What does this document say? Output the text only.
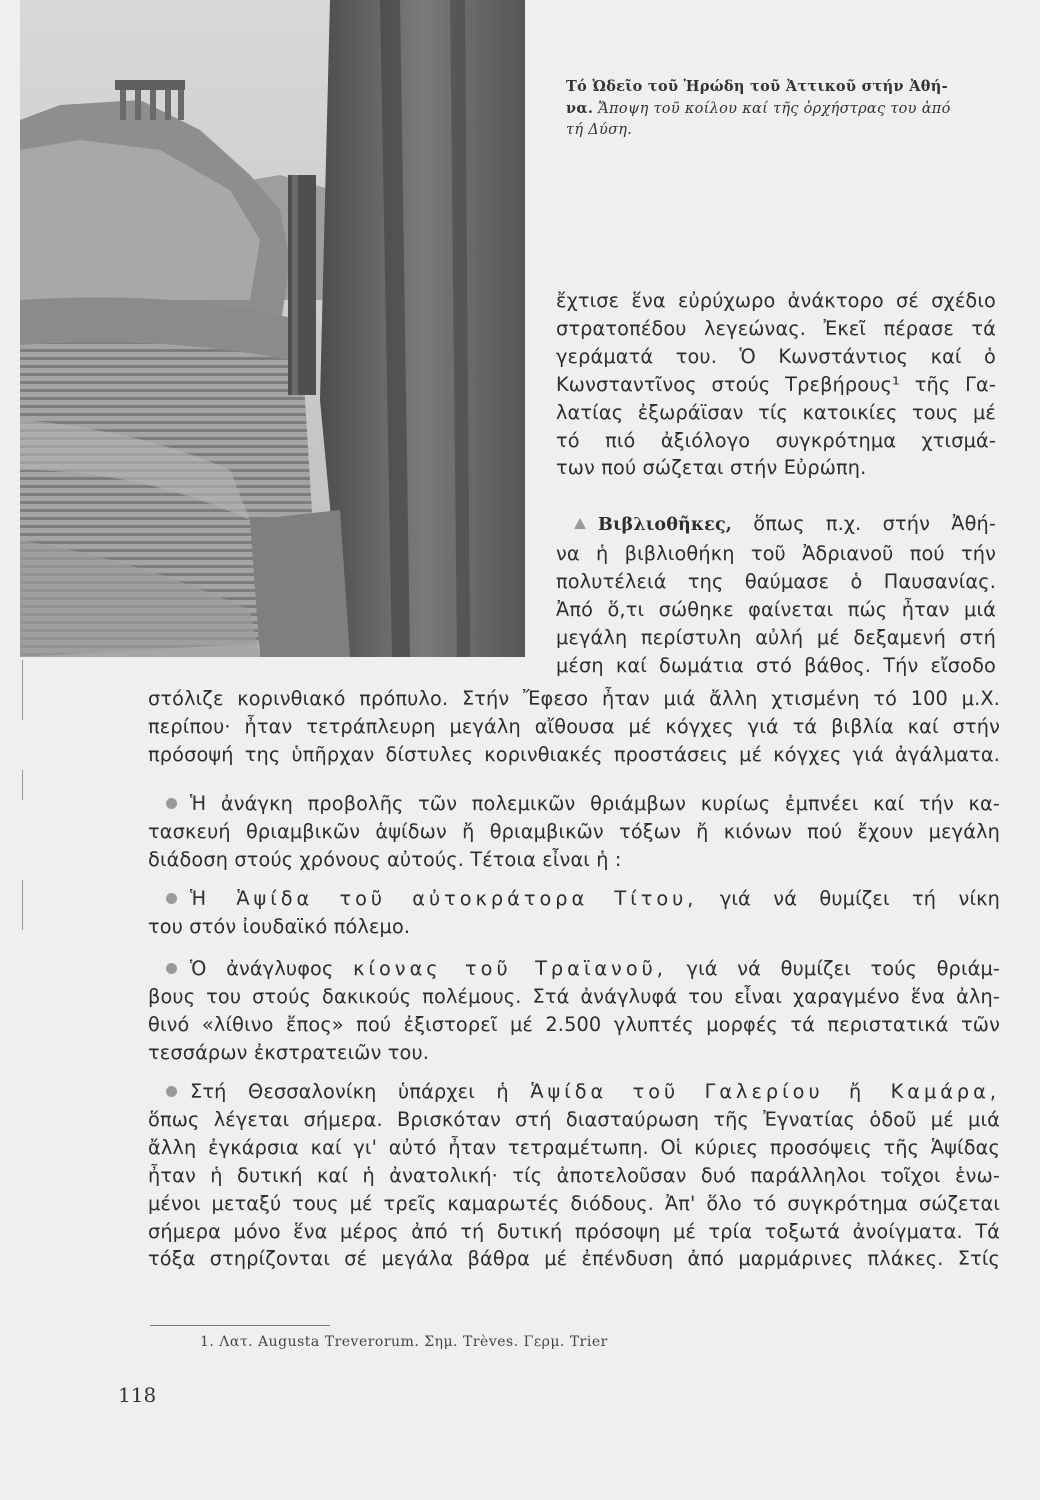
Τό Ὠδεῖο τοῦ Ἡρώδη τοῦ Ἀττικοῦ στήν Ἀθή-
να. Ἄποψη τοῦ κοίλου καί τῆς ὀρχήστρας του ἀπό
τή Δύση.
ἔχτισε ἕνα εὐρύχωρο ἀνάκτορο σέ σχέδιο
στρατοπέδου λεγεώνας. Ἐκεῖ πέρασε τά
γεράματά του. Ὁ Κωνστάντιος καί ὁ
Κωνσταντῖνος στούς Τρεβήρους¹ τῆς Γα-
λατίας ἐξωράϊσαν τίς κατοικίες τους μέ
τό πιό ἀξιόλογο συγκρότημα χτισμά-
των πού σώζεται στήν Εὐρώπη.
Βιβλιοθῆκες, ὅπως π.χ. στήν Ἀθή-
να ἡ βιβλιοθήκη τοῦ Ἀδριανοῦ πού τήν
πολυτέλειά της θαύμασε ὁ Παυσανίας.
Ἀπό ὅ,τι σώθηκε φαίνεται πώς ἦταν μιά
μεγάλη περίστυλη αὐλή μέ δεξαμενή στή
μέση καί δωμάτια στό βάθος. Τήν εἴσοδο
στόλιζε κορινθιακό πρόπυλο. Στήν Ἔφεσο ἦταν μιά ἄλλη χτισμένη τό 100 μ.Χ.
περίπου· ἦταν τετράπλευρη μεγάλη αἴθουσα μέ κόγχες γιά τά βιβλία καί στήν
πρόσοψή της ὑπῆρχαν δίστυλες κορινθιακές προστάσεις μέ κόγχες γιά ἀγάλματα.
Ἡ ἀνάγκη προβολῆς τῶν πολεμικῶν θριάμβων κυρίως ἐμπνέει καί τήν κα-
τασκευή θριαμβικῶν ἁψίδων ἤ θριαμβικῶν τόξων ἤ κιόνων πού ἔχουν μεγάλη
διάδοση στούς χρόνους αὐτούς. Τέτοια εἶναι ἡ :
Ἡ Ἁψίδα τοῦ αὐτοκράτορα Τίτου, γιά νά θυμίζει τή νίκη
του στόν ἰουδαϊκό πόλεμο.
Ὁ ἀνάγλυφος κίονας τοῦ Τραϊανοῦ, γιά νά θυμίζει τούς θριάμ-
βους του στούς δακικούς πολέμους. Στά ἀνάγλυφά του εἶναι χαραγμένο ἕνα ἀλη-
θινό «λίθινο ἔπος» πού ἐξιστορεῖ μέ 2.500 γλυπτές μορφές τά περιστατικά τῶν
τεσσάρων ἐκστρατειῶν του.
Στή Θεσσαλονίκη ὑπάρχει ἡ Ἁψίδα τοῦ Γαλερίου ἤ Καμάρα,
ὅπως λέγεται σήμερα. Βρισκόταν στή διασταύρωση τῆς Ἐγνατίας ὁδοῦ μέ μιά
ἄλλη ἐγκάρσια καί γι' αὐτό ἦταν τετραμέτωπη. Οἱ κύριες προσόψεις τῆς Ἁψίδας
ἦταν ἡ δυτική καί ἡ ἀνατολική· τίς ἀποτελοῦσαν δυό παράλληλοι τοῖχοι ἑνω-
μένοι μεταξύ τους μέ τρεῖς καμαρωτές διόδους. Ἀπ' ὅλο τό συγκρότημα σώζεται
σήμερα μόνο ἕνα μέρος ἀπό τή δυτική πρόσοψη μέ τρία τοξωτά ἀνοίγματα. Τά
τόξα στηρίζονται σέ μεγάλα βάθρα μέ ἐπένδυση ἀπό μαρμάρινες πλάκες. Στίς
1. Λατ. Augusta Treverorum. Σημ. Trèves. Γερμ. Trier
118
